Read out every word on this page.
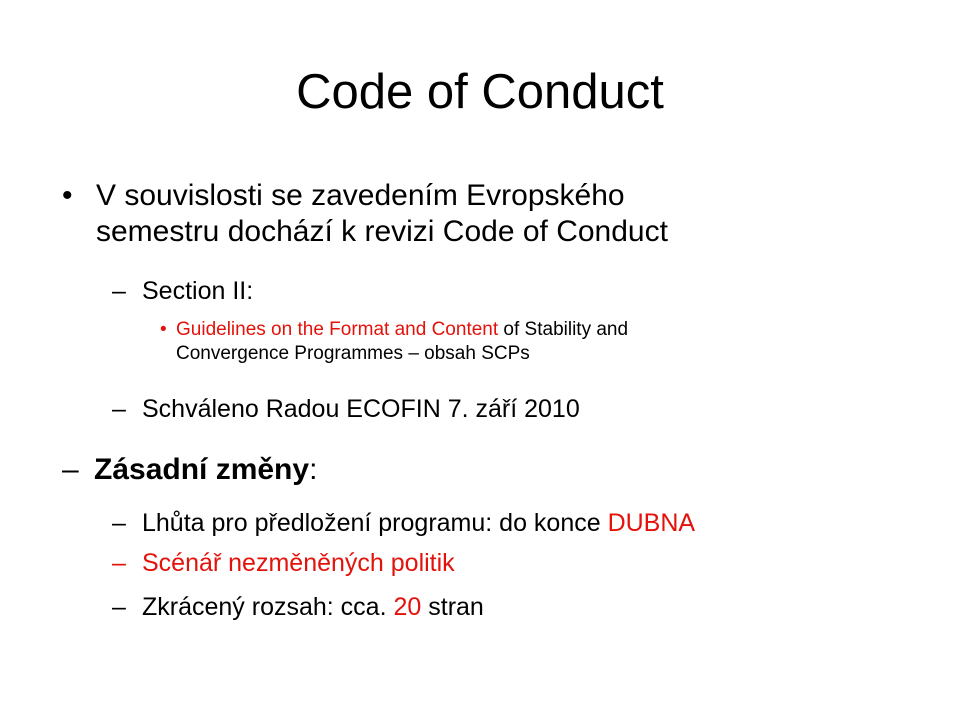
Code of Conduct
• V souvislosti se zavedením Evropského
semestru dochází k revizi Code of Conduct
– Section II:
• Guidelines on the Format and Content of Stability and
Convergence Programmes – obsah SCPs
– Schváleno Radou ECOFIN 7. září 2010
– Zásadní změny:
– Lhůta pro předložení programu: do konce DUBNA
– Scénář nezměněných politik
– Zkrácený rozsah: cca. 20 stran
